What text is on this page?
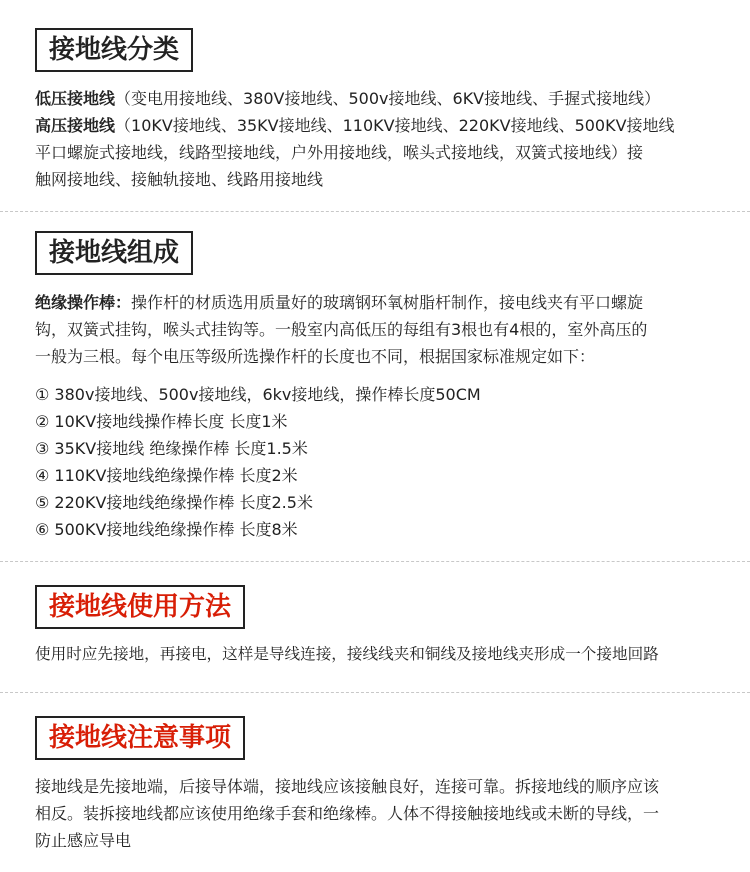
接地线分类

低压接地线（变电用接地线、380V接地线、500v接地线、6KV接地线、手握式接地线）

高压接地线（10KV接地线、35KV接地线、110KV接地线、220KV接地线、500KV接地线

平口螺旋式接地线，线路型接地线，户外用接地线，喉头式接地线，双簧式接地线）接

触网接地线、接触轨接地、线路用接地线

接地线组成

绝缘操作棒：操作杆的材质选用质量好的玻璃钢环氧树脂杆制作，接电线夹有平口螺旋

钩，双簧式挂钩，喉头式挂钩等。一般室内高低压的每组有3根也有4根的，室外高压的

一般为三根。每个电压等级所选操作杆的长度也不同，根据国家标准规定如下：

① 380v接地线、500v接地线，6kv接地线，操作棒长度50CM
② 10KV接地线操作棒长度 长度1米
③ 35KV接地线 绝缘操作棒 长度1.5米
④ 110KV接地线绝缘操作棒 长度2米
⑤ 220KV接地线绝缘操作棒 长度2.5米
⑥ 500KV接地线绝缘操作棒 长度8米
接地线使用方法

使用时应先接地，再接电，这样是导线连接，接线线夹和铜线及接地线夹形成一个接地回路

接地线注意事项

接地线是先接地端，后接导体端，接地线应该接触良好，连接可靠。拆接地线的顺序应该

相反。装拆接地线都应该使用绝缘手套和绝缘棒。人体不得接触接地线或未断的导线，一

防止感应导电
